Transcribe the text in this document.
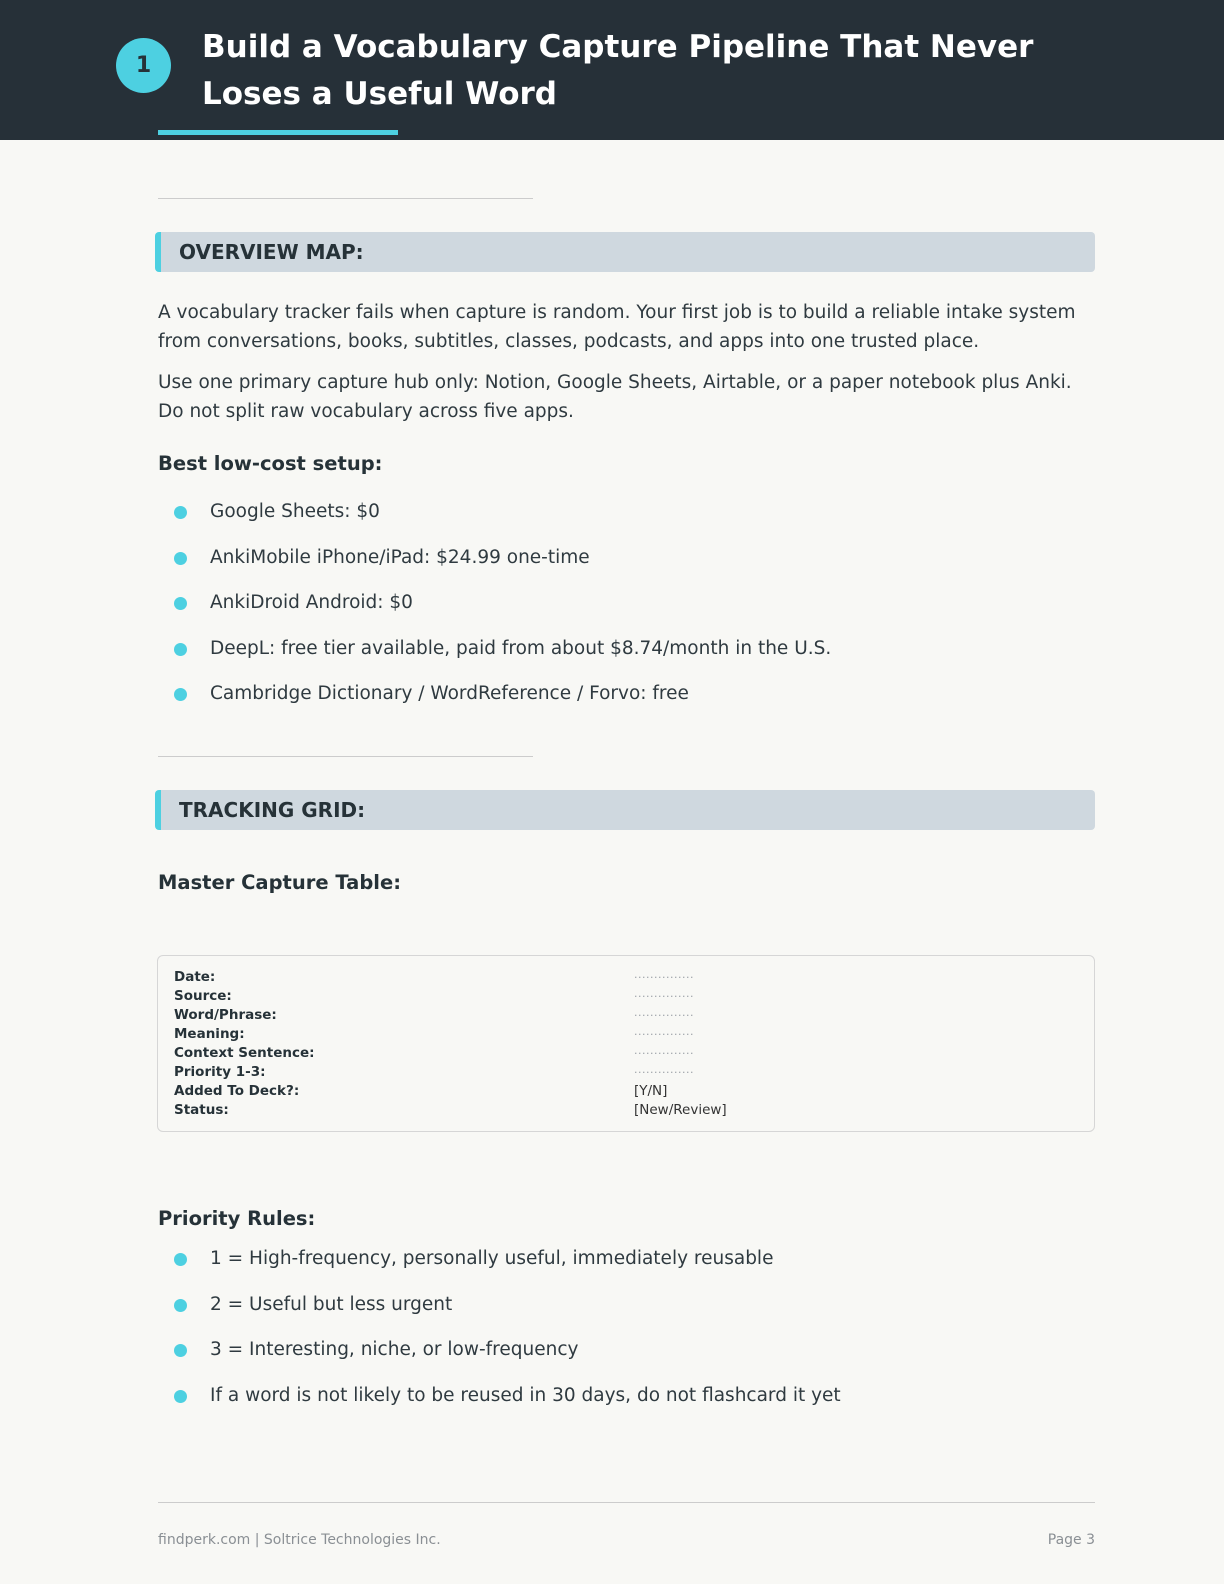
1
Build a Vocabulary Capture Pipeline That Never Loses a Useful Word
OVERVIEW MAP:

A vocabulary tracker fails when capture is random. Your first job is to build a reliable intake system from conversations, books, subtitles, classes, podcasts, and apps into one trusted place.

Use one primary capture hub only: Notion, Google Sheets, Airtable, or a paper notebook plus Anki. Do not split raw vocabulary across five apps.

Best low-cost setup:
Google Sheets: $0
AnkiMobile iPhone/iPad: $24.99 one-time
AnkiDroid Android: $0
DeepL: free tier available, paid from about $8.74/month in the U.S.
Cambridge Dictionary / WordReference / Forvo: free
TRACKING GRID:
Master Capture Table:
Date:	...............
Source:	...............
Word/Phrase:	...............
Meaning:	...............
Context Sentence:	...............
Priority 1-3:	...............
Added To Deck?:	[Y/N]
Status:	[New/Review]
Priority Rules:
1 = High-frequency, personally useful, immediately reusable
2 = Useful but less urgent
3 = Interesting, niche, or low-frequency
If a word is not likely to be reused in 30 days, do not flashcard it yet
findperk.com | Soltrice Technologies Inc.	Page 3
